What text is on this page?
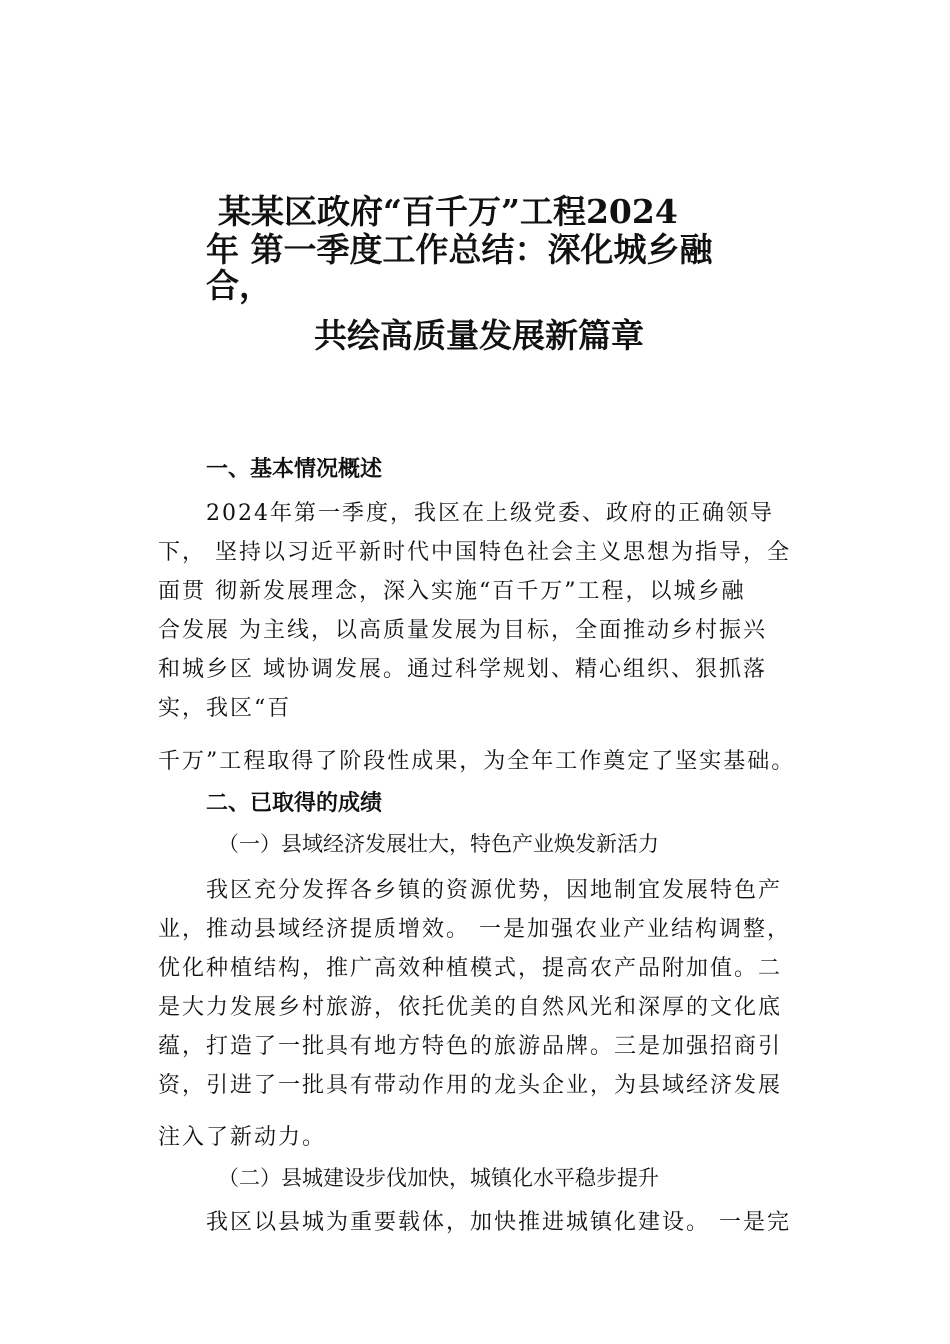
某某区政府“百千万”工程2024
年 第一季度工作总结：深化城乡融
合，
共绘高质量发展新篇章
一、基本情况概述
2024年第一季度，我区在上级党委、政府的正确领导
下， 坚持以习近平新时代中国特色社会主义思想为指导，全
面贯 彻新发展理念，深入实施“百千万”工程，以城乡融
合发展 为主线，以高质量发展为目标，全面推动乡村振兴
和城乡区 域协调发展。通过科学规划、精心组织、狠抓落
实，我区“百
千万”工程取得了阶段性成果，为全年工作奠定了坚实基础。
二、已取得的成绩
（一）县域经济发展壮大，特色产业焕发新活力
我区充分发挥各乡镇的资源优势，因地制宜发展特色产
业，推动县域经济提质增效。 一是加强农业产业结构调整，
优化种植结构，推广高效种植模式，提高农产品附加值。二
是大力发展乡村旅游，依托优美的自然风光和深厚的文化底
蕴，打造了一批具有地方特色的旅游品牌。三是加强招商引
资，引进了一批具有带动作用的龙头企业，为县域经济发展
注入了新动力。
（二）县城建设步伐加快，城镇化水平稳步提升
我区以县城为重要载体，加快推进城镇化建设。 一是完
